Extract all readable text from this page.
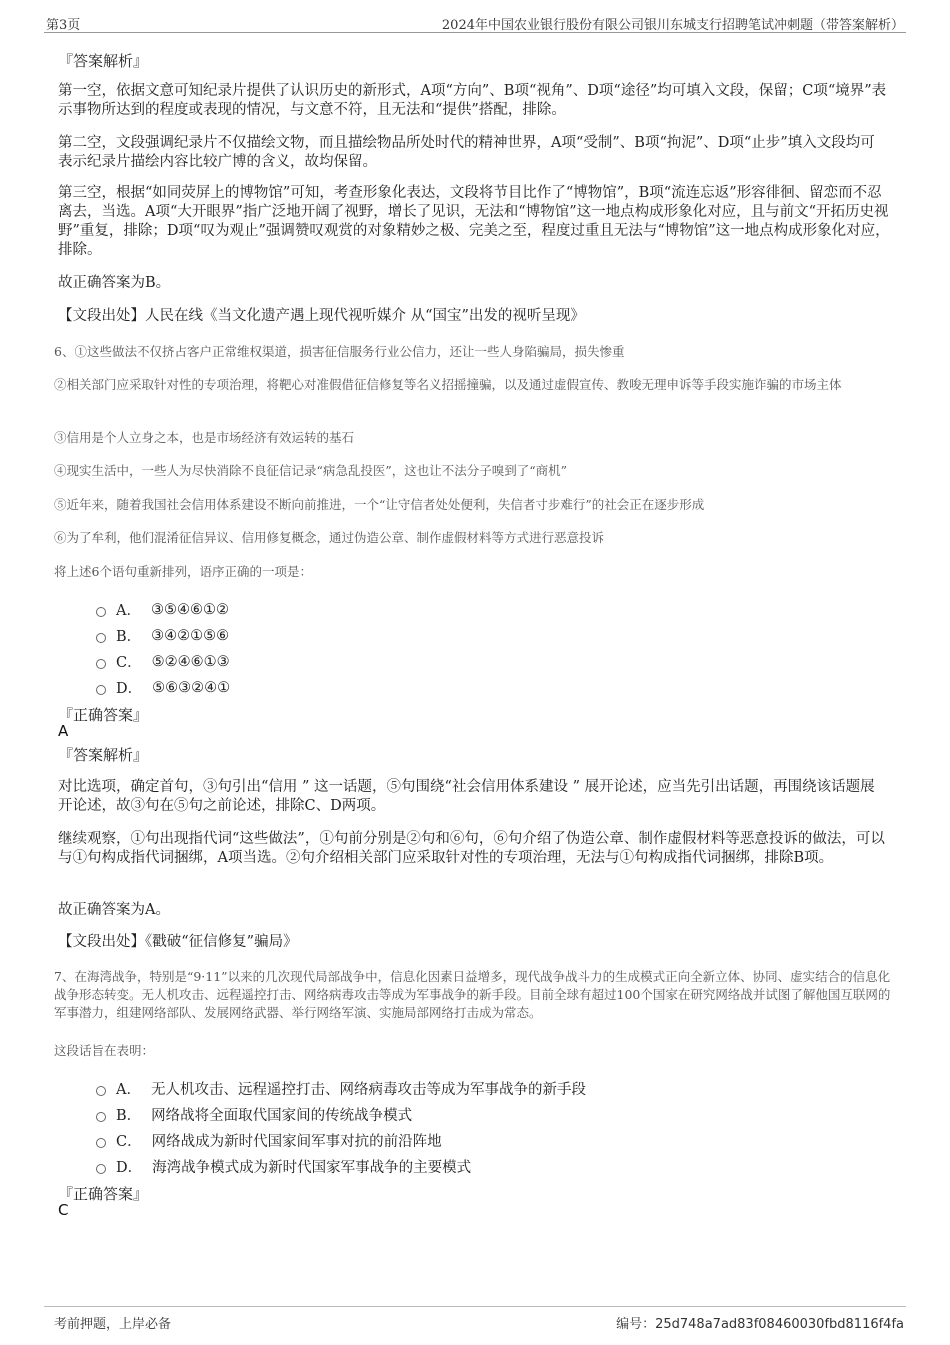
第3页	2024年中国农业银行股份有限公司银川东城支行招聘笔试冲刺题（带答案解析）
『答案解析』
第一空，依据文意可知纪录片提供了认识历史的新形式，A项“方向”、B项“视角”、D项“途径”均可填入文段，保留；C项“境界”表示事物所达到的程度或表现的情况，与文意不符，且无法和“提供”搭配，排除。
第二空，文段强调纪录片不仅描绘文物，而且描绘物品所处时代的精神世界，A项“受制”、B项“拘泥”、D项“止步”填入文段均可表示纪录片描绘内容比较广博的含义，故均保留。
第三空，根据“如同荧屏上的博物馆”可知，考查形象化表达，文段将节目比作了“博物馆”，B项“流连忘返”形容徘徊、留恋而不忍离去，当选。A项“大开眼界”指广泛地开阔了视野，增长了见识，无法和“博物馆”这一地点构成形象化对应，且与前文“开拓历史视野”重复，排除；D项“叹为观止”强调赞叹观赏的对象精妙之极、完美之至，程度过重且无法与“博物馆”这一地点构成形象化对应，排除。
故正确答案为B。
【文段出处】人民在线《当文化遗产遇上现代视听媒介 从“国宝”出发的视听呈现》
6、①这些做法不仅挤占客户正常维权渠道，损害征信服务行业公信力，还让一些人身陷骗局，损失惨重
②相关部门应采取针对性的专项治理，将靶心对准假借征信修复等名义招摇撞骗，以及通过虚假宣传、教唆无理申诉等手段实施诈骗的市场主体
③信用是个人立身之本，也是市场经济有效运转的基石
④现实生活中，一些人为尽快消除不良征信记录“病急乱投医”，这也让不法分子嗅到了“商机”
⑤近年来，随着我国社会信用体系建设不断向前推进，一个“让守信者处处便利，失信者寸步难行”的社会正在逐步形成
⑥为了牟利，他们混淆征信异议、信用修复概念，通过伪造公章、制作虚假材料等方式进行恶意投诉
将上述6个语句重新排列，语序正确的一项是：
A． ③⑤④⑥①②
B． ③④②①⑤⑥
C． ⑤②④⑥①③
D． ⑤⑥③②④①
『正确答案』
A
『答案解析』
对比选项，确定首句，③句引出“信用 ” 这一话题，⑤句围绕“社会信用体系建设 ” 展开论述，应当先引出话题，再围绕该话题展开论述，故③句在⑤句之前论述，排除C、D两项。
继续观察，①句出现指代词“这些做法”，①句前分别是②句和⑥句，⑥句介绍了伪造公章、制作虚假材料等恶意投诉的做法，可以与①句构成指代词捆绑，A项当选。②句介绍相关部门应采取针对性的专项治理，无法与①句构成指代词捆绑，排除B项。
故正确答案为A。
【文段出处】《戳破“征信修复”骗局》
7、在海湾战争，特别是“9·11”以来的几次现代局部战争中，信息化因素日益增多，现代战争战斗力的生成模式正向全新立体、协同、虚实结合的信息化战争形态转变。无人机攻击、远程遥控打击、网络病毒攻击等成为军事战争的新手段。目前全球有超过100个国家在研究网络战并试图了解他国互联网的军事潜力，组建网络部队、发展网络武器、举行网络军演、实施局部网络打击成为常态。
这段话旨在表明：
A． 无人机攻击、远程遥控打击、网络病毒攻击等成为军事战争的新手段
B． 网络战将全面取代国家间的传统战争模式
C． 网络战成为新时代国家间军事对抗的前沿阵地
D． 海湾战争模式成为新时代国家军事战争的主要模式
『正确答案』
C
考前押题，上岸必备	编号：25d748a7ad83f08460030fbd8116f4fa
